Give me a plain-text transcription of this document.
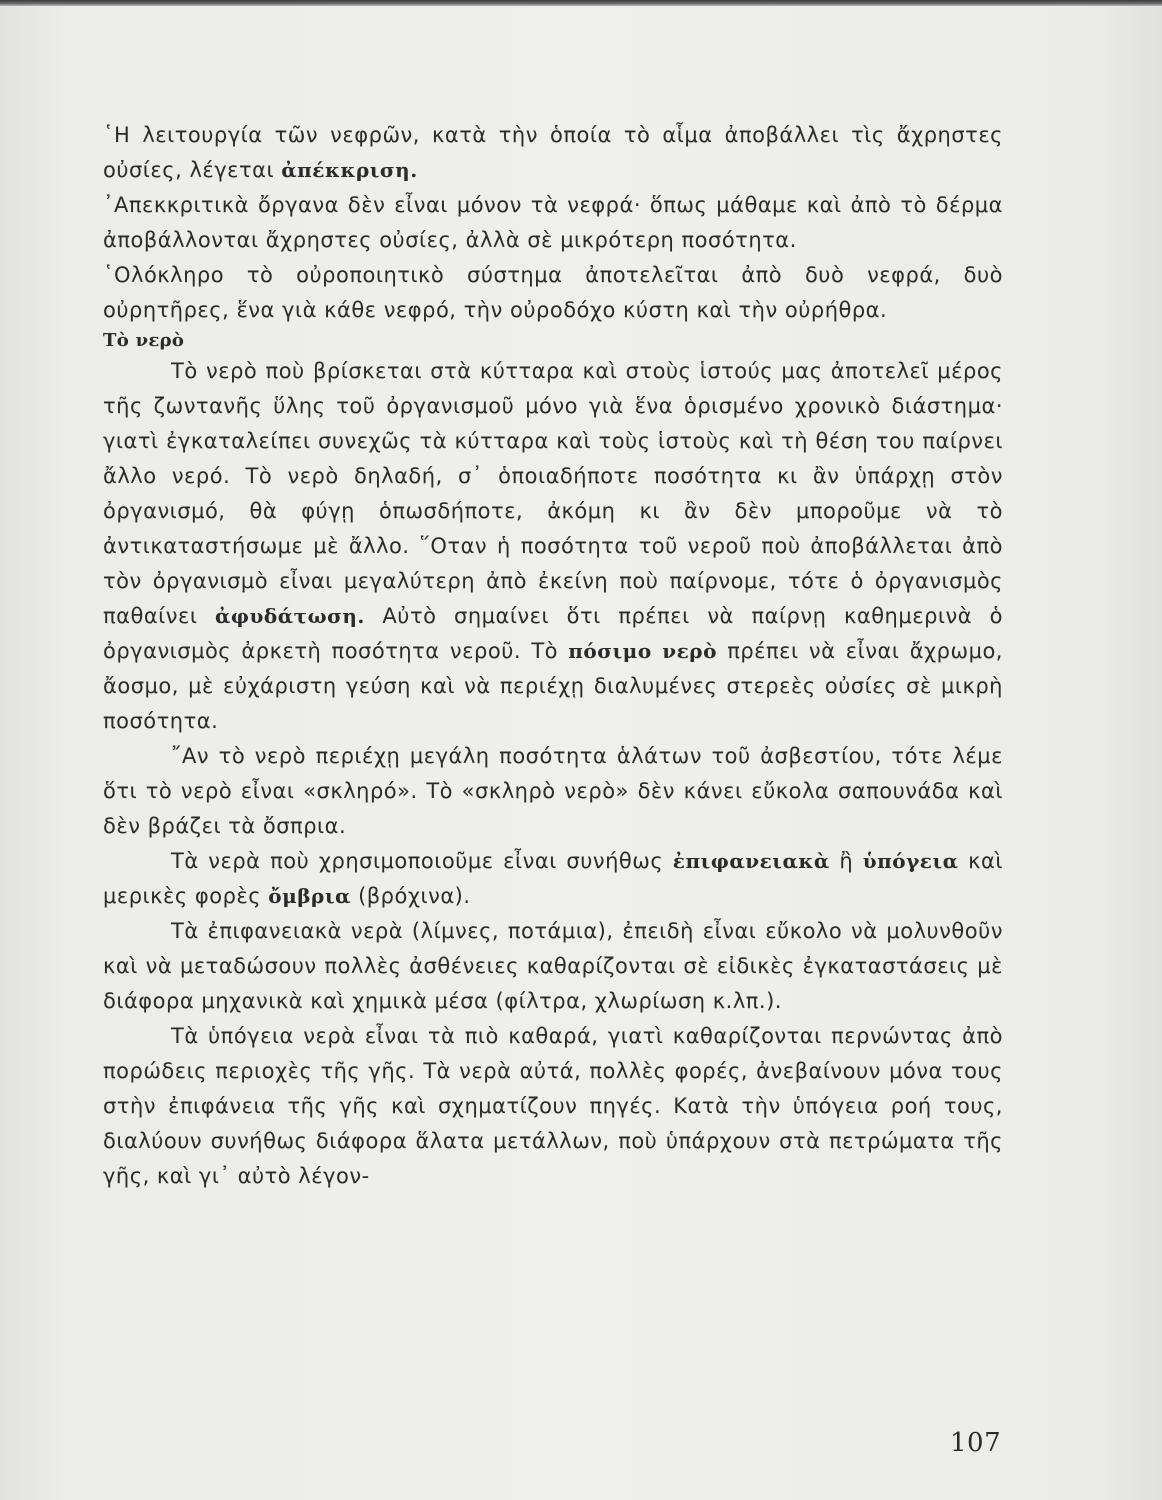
῾Η λειτουργία τῶν νεφρῶν, κατὰ τὴν ὁποία τὸ αἷμα ἀποβάλλει τὶς ἄχρηστες οὐσίες, λέγεται ἀπέκκριση.

᾿Απεκκριτικὰ ὄργανα δὲν εἶναι μόνον τὰ νεφρά· ὅπως μάθαμε καὶ ἀπὸ τὸ δέρμα ἀποβάλλονται ἄχρηστες οὐσίες, ἀλλὰ σὲ μικρότερη ποσότητα.

῾Ολόκληρο τὸ οὐροποιητικὸ σύστημα ἀποτελεῖται ἀπὸ δυὸ νεφρά, δυὸ οὐρητῆρες, ἕνα γιὰ κάθε νεφρό, τὴν οὐροδόχο κύστη καὶ τὴν οὐρήθρα.

Τὸ νερὸ

Τὸ νερὸ ποὺ βρίσκεται στὰ κύτταρα καὶ στοὺς ἱστούς μας ἀποτελεῖ μέρος τῆς ζωντανῆς ὕλης τοῦ ὀργανισμοῦ μόνο γιὰ ἕνα ὁρισμένο χρονικὸ διάστημα· γιατὶ ἐγκαταλείπει συνεχῶς τὰ κύτταρα καὶ τοὺς ἱστοὺς καὶ τὴ θέση του παίρνει ἄλλο νερό. Τὸ νερὸ δηλαδή, σ᾿ ὁποιαδήποτε ποσότητα κι ἂν ὑπάρχῃ στὸν ὀργανισμό, θὰ φύγῃ ὁπωσδήποτε, ἀκόμη κι ἂν δὲν μποροῦμε νὰ τὸ ἀντικαταστήσωμε μὲ ἄλλο. ῞Οταν ἡ ποσότητα τοῦ νεροῦ ποὺ ἀποβάλλεται ἀπὸ τὸν ὀργανισμὸ εἶναι μεγαλύτερη ἀπὸ ἐκείνη ποὺ παίρνομε, τότε ὁ ὀργανισμὸς παθαίνει ἀφυδάτωση. Αὐτὸ σημαίνει ὅτι πρέπει νὰ παίρνῃ καθημερινὰ ὁ ὀργανισμὸς ἀρκετὴ ποσότητα νεροῦ. Τὸ πόσιμο νερὸ πρέπει νὰ εἶναι ἄχρωμο, ἄοσμο, μὲ εὐχάριστη γεύση καὶ νὰ περιέχῃ διαλυμένες στερεὲς οὐσίες σὲ μικρὴ ποσότητα.

῎Αν τὸ νερὸ περιέχῃ μεγάλη ποσότητα ἁλάτων τοῦ ἀσβεστίου, τότε λέμε ὅτι τὸ νερὸ εἶναι «σκληρό». Τὸ «σκληρὸ νερὸ» δὲν κάνει εὔκολα σαπουνάδα καὶ δὲν βράζει τὰ ὄσπρια.

Τὰ νερὰ ποὺ χρησιμοποιοῦμε εἶναι συνήθως ἐπιφανειακὰ ἢ ὑπόγεια καὶ μερικὲς φορὲς ὄμβρια (βρόχινα).

Τὰ ἐπιφανειακὰ νερὰ (λίμνες, ποτάμια), ἐπειδὴ εἶναι εὔκολο νὰ μολυνθοῦν καὶ νὰ μεταδώσουν πολλὲς ἀσθένειες καθαρίζονται σὲ εἰδικὲς ἐγκαταστάσεις μὲ διάφορα μηχανικὰ καὶ χημικὰ μέσα (φίλτρα, χλωρίωση κ.λπ.).

Τὰ ὑπόγεια νερὰ εἶναι τὰ πιὸ καθαρά, γιατὶ καθαρίζονται περνώντας ἀπὸ πορώδεις περιοχὲς τῆς γῆς. Τὰ νερὰ αὐτά, πολλὲς φορές, ἀνεβαίνουν μόνα τους στὴν ἐπιφάνεια τῆς γῆς καὶ σχηματίζουν πηγές. Κατὰ τὴν ὑπόγεια ροή τους, διαλύουν συνήθως διάφορα ἅλατα μετάλλων, ποὺ ὑπάρχουν στὰ πετρώματα τῆς γῆς, καὶ γι᾿ αὐτὸ λέγον-

107
